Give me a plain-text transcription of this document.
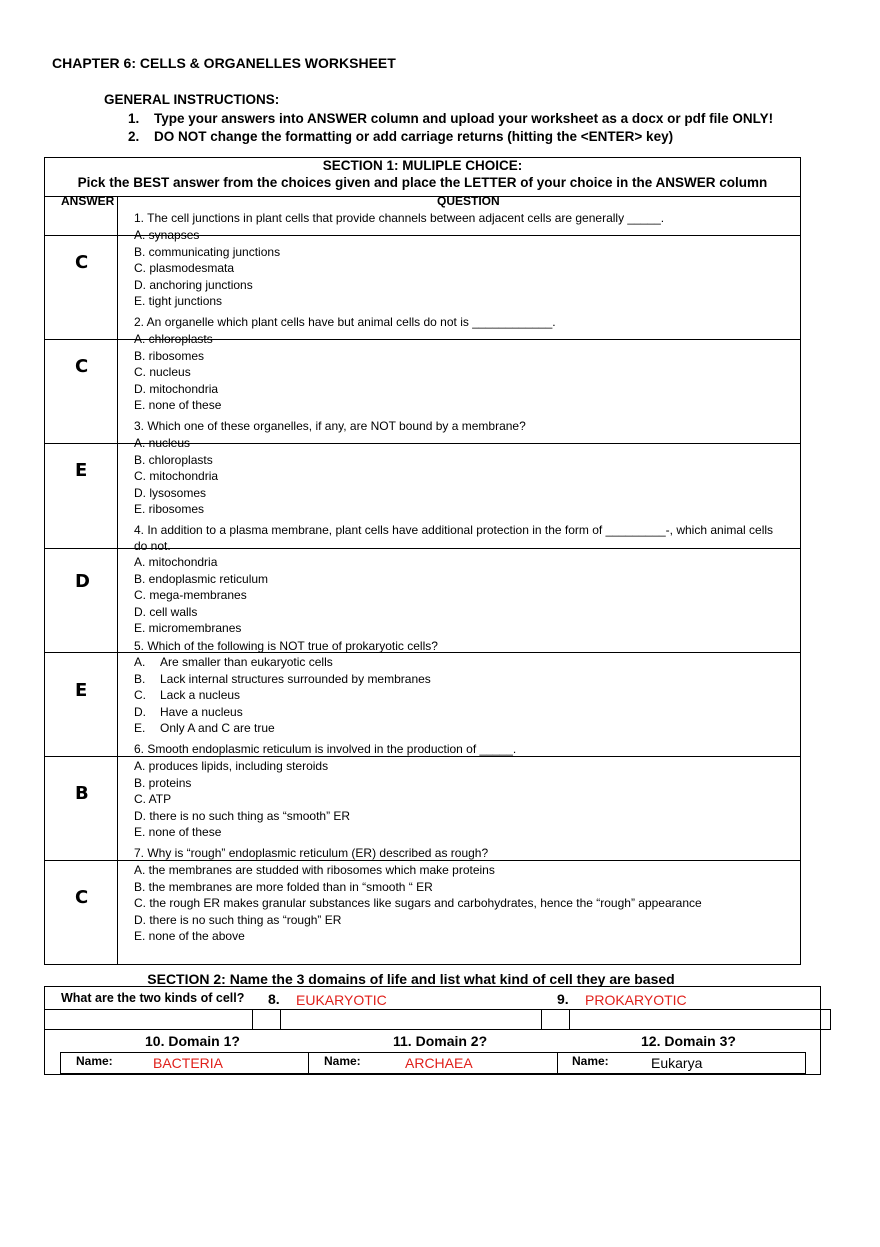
CHAPTER 6: CELLS & ORGANELLES WORKSHEET
GENERAL INSTRUCTIONS:
1. Type your answers into ANSWER column and upload your worksheet as a docx or pdf file ONLY!
2. DO NOT change the formatting or add carriage returns (hitting the <ENTER> key)
SECTION 1: MULIPLE CHOICE:
Pick the BEST answer from the choices given and place the LETTER of your choice in the ANSWER column
ANSWER	QUESTION
C
1. The cell junctions in plant cells that provide channels between adjacent cells are generally _____.
A. synapses
B. communicating junctions
C. plasmodesmata
D. anchoring junctions
E. tight junctions
C
2. An organelle which plant cells have but animal cells do not is ____________.
A. chloroplasts
B. ribosomes
C. nucleus
D. mitochondria
E. none of these
E
3. Which one of these organelles, if any, are NOT bound by a membrane?
A. nucleus
B. chloroplasts
C. mitochondria
D. lysosomes
E. ribosomes
D
4. In addition to a plasma membrane, plant cells have additional protection in the form of _________-, which animal cells do not.
A. mitochondria
B. endoplasmic reticulum
C. mega-membranes
D. cell walls
E. micromembranes
E
5. Which of the following is NOT true of prokaryotic cells?
A. Are smaller than eukaryotic cells
B. Lack internal structures surrounded by membranes
C. Lack a nucleus
D. Have a nucleus
E. Only A and C are true
B
6. Smooth endoplasmic reticulum is involved in the production of _____.
A. produces lipids, including steroids
B. proteins
C. ATP
D. there is no such thing as “smooth” ER
E. none of these
C
7. Why is “rough” endoplasmic reticulum (ER) described as rough?
A. the membranes are studded with ribosomes which make proteins
B. the membranes are more folded than in “smooth “ ER
C. the rough ER makes granular substances like sugars and carbohydrates, hence the “rough” appearance
D. there is no such thing as “rough” ER
E. none of the above
SECTION 2: Name the 3 domains of life and list what kind of cell they are based
What are the two kinds of cell? 8. EUKARYOTIC	9. PROKARYOTIC
10. Domain 1?	11. Domain 2?	12. Domain 3?
Name:	BACTERIA	Name:	ARCHAEA	Name:	Eukarya
